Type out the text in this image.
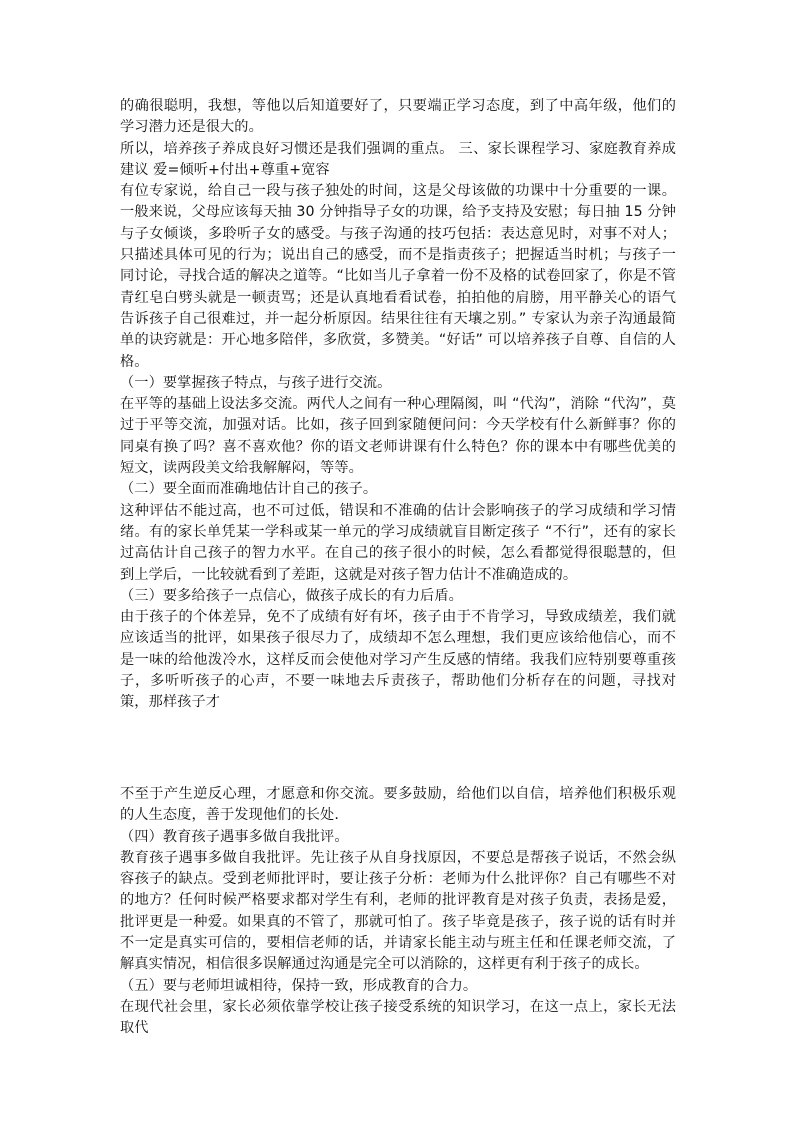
的确很聪明，我想，等他以后知道要好了，只要端正学习态度，到了中高年级，他们的学习潜力还是很大的。

所以，培养孩子养成良好习惯还是我们强调的重点。 三、家长课程学习、家庭教育养成建议 爱=倾听+付出+尊重+宽容

有位专家说，给自己一段与孩子独处的时间，这是父母该做的功课中十分重要的一课。一般来说，父母应该每天抽 30 分钟指导子女的功课，给予支持及安慰；每日抽 15 分钟与子女倾谈，多聆听子女的感受。与孩子沟通的技巧包括：表达意见时，对事不对人；只描述具体可见的行为；说出自己的感受，而不是指责孩子；把握适当时机；与孩子一同讨论，寻找合适的解决之道等。“比如当儿子拿着一份不及格的试卷回家了，你是不管青红皂白劈头就是一顿责骂；还是认真地看看试卷，拍拍他的肩膀，用平静关心的语气告诉孩子自己很难过，并一起分析原因。结果往往有天壤之别。” 专家认为亲子沟通最简单的诀窍就是：开心地多陪伴，多欣赏，多赞美。“好话” 可以培养孩子自尊、自信的人格。

（一）要掌握孩子特点，与孩子进行交流。

在平等的基础上设法多交流。两代人之间有一种心理隔阂，叫 “代沟”，消除 “代沟”，莫过于平等交流，加强对话。比如，孩子回到家随便问问：今天学校有什么新鲜事？你的同桌有换了吗？喜不喜欢他？你的语文老师讲课有什么特色？你的课本中有哪些优美的短文，读两段美文给我解解闷，等等。

（二）要全面而准确地估计自己的孩子。

这种评估不能过高，也不可过低，错误和不准确的估计会影响孩子的学习成绩和学习情绪。有的家长单凭某一学科或某一单元的学习成绩就盲目断定孩子 “不行”，还有的家长过高估计自己孩子的智力水平。在自己的孩子很小的时候，怎么看都觉得很聪慧的，但到上学后，一比较就看到了差距，这就是对孩子智力估计不准确造成的。

（三）要多给孩子一点信心，做孩子成长的有力后盾。

由于孩子的个体差异，免不了成绩有好有坏，孩子由于不肯学习，导致成绩差，我们就应该适当的批评，如果孩子很尽力了，成绩却不怎么理想，我们更应该给他信心，而不是一味的给他泼冷水，这样反而会使他对学习产生反感的情绪。我我们应特别要尊重孩子，多听听孩子的心声，不要一味地去斥责孩子，帮助他们分析存在的问题，寻找对策，那样孩子才

不至于产生逆反心理，才愿意和你交流。要多鼓励，给他们以自信，培养他们积极乐观的人生态度，善于发现他们的长处.

（四）教育孩子遇事多做自我批评。

教育孩子遇事多做自我批评。先让孩子从自身找原因，不要总是帮孩子说话，不然会纵容孩子的缺点。受到老师批评时，要让孩子分析：老师为什么批评你？自己有哪些不对的地方？任何时候严格要求都对学生有利，老师的批评教育是对孩子负责，表扬是爱，批评更是一种爱。如果真的不管了，那就可怕了。孩子毕竟是孩子，孩子说的话有时并不一定是真实可信的，要相信老师的话，并请家长能主动与班主任和任课老师交流，了解真实情况，相信很多误解通过沟通是完全可以消除的，这样更有利于孩子的成长。

（五）要与老师坦诚相待，保持一致，形成教育的合力。

在现代社会里，家长必须依靠学校让孩子接受系统的知识学习，在这一点上，家长无法取代
